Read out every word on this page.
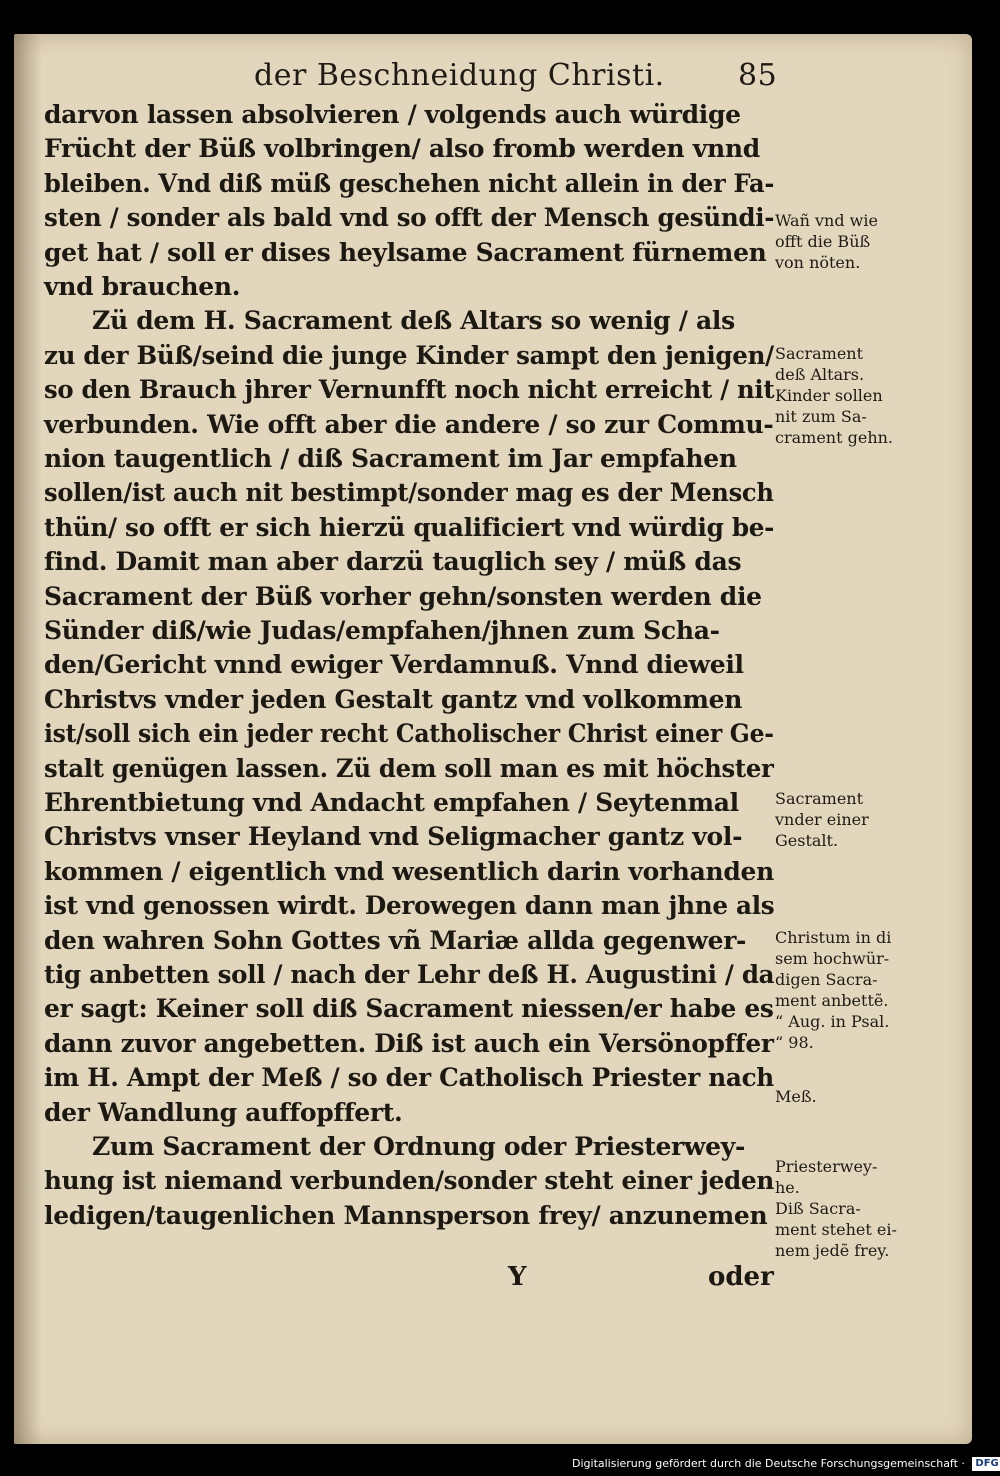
der Beschneidung Christi. 85
darvon lassen absolvieren / volgends auch würdige
Frücht der Büß volbringen/ also fromb werden vnnd
bleiben. Vnd diß müß geschehen nicht allein in der Fa-
sten / sonder als bald vnd so offt der Mensch gesündi-
get hat / soll er dises heylsame Sacrament fürnemen
vnd brauchen.
Zü dem H. Sacrament deß Altars so wenig / als
zu der Büß/seind die junge Kinder sampt den jenigen/
so den Brauch jhrer Vernunfft noch nicht erreicht / nit
verbunden. Wie offt aber die andere / so zur Commu-
nion taugentlich / diß Sacrament im Jar empfahen
sollen/ist auch nit bestimpt/sonder mag es der Mensch
thün/ so offt er sich hierzü qualificiert vnd würdig be-
find. Damit man aber darzü tauglich sey / müß das
Sacrament der Büß vorher gehn/sonsten werden die
Sünder diß/wie Judas/empfahen/jhnen zum Scha-
den/Gericht vnnd ewiger Verdamnuß. Vnnd dieweil
Christvs vnder jeden Gestalt gantz vnd volkommen
ist/soll sich ein jeder recht Catholischer Christ einer Ge-
stalt genügen lassen. Zü dem soll man es mit höchster
Ehrentbietung vnd Andacht empfahen / Seytenmal
Christvs vnser Heyland vnd Seligmacher gantz vol-
kommen / eigentlich vnd wesentlich darin vorhanden
ist vnd genossen wirdt. Derowegen dann man jhne als
den wahren Sohn Gottes vñ Mariæ allda gegenwer-
tig anbetten soll / nach der Lehr deß H. Augustini / da
er sagt: Keiner soll diß Sacrament niessen/er habe es
dann zuvor angebetten. Diß ist auch ein Versönopffer
im H. Ampt der Meß / so der Catholisch Priester nach
der Wandlung auffopffert.
Zum Sacrament der Ordnung oder Priesterwey-
hung ist niemand verbunden/sonder steht einer jeden
ledigen/taugenlichen Mannsperson frey/ anzunemen
Wañ vnd wie
offt die Büß
von nöten.
Sacrament
deß Altars.
Kinder sollen
nit zum Sa-
crament gehn.
Sacrament
vnder einer
Gestalt.
Christum in di
sem hochwür-
digen Sacra-
ment anbettẽ.
“ Aug. in Psal.
“ 98.
Meß.
Priesterwey-
he.
Diß Sacra-
ment stehet ei-
nem jedẽ frey.
Y	oder
Digitalisierung gefördert durch die Deutsche Forschungsgemeinschaft · DFG
